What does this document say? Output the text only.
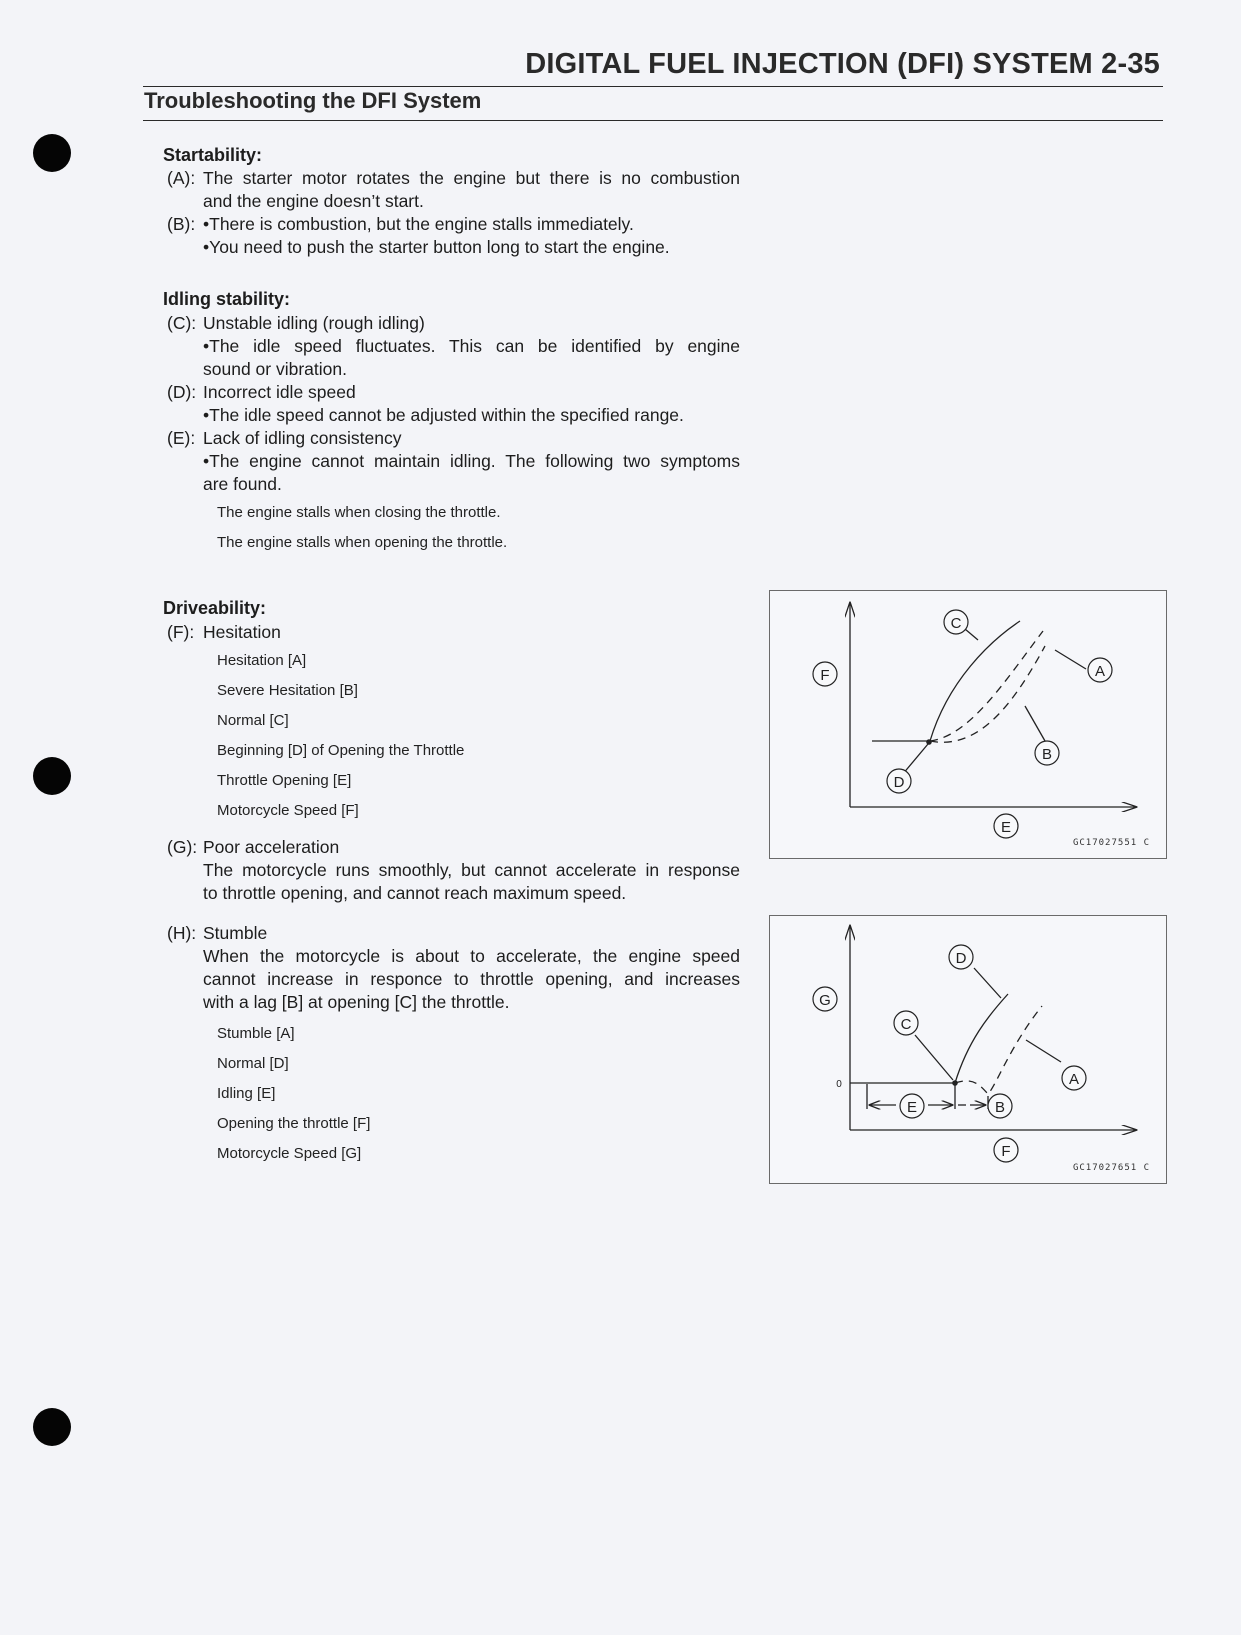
DIGITAL FUEL INJECTION (DFI) SYSTEM 2-35
Troubleshooting the DFI System
Startability:
(A): The starter motor rotates the engine but there is no combustion
and the engine doesn’t start.
(B): •There is combustion, but the engine stalls immediately.
•You need to push the starter button long to start the engine.
Idling stability:
(C): Unstable idling (rough idling)
•The idle speed fluctuates. This can be identified by engine
sound or vibration.
(D): Incorrect idle speed
•The idle speed cannot be adjusted within the specified range.
(E): Lack of idling consistency
•The engine cannot maintain idling. The following two symptoms
are found.
The engine stalls when closing the throttle.
The engine stalls when opening the throttle.
Driveability:
(F): Hesitation
Hesitation [A]
Severe Hesitation [B]
Normal [C]
Beginning [D] of Opening the Throttle
Throttle Opening [E]
Motorcycle Speed [F]
(G): Poor acceleration
The motorcycle runs smoothly, but cannot accelerate in response
to throttle opening, and cannot reach maximum speed.
(H): Stumble
When the motorcycle is about to accelerate, the engine speed
cannot increase in responce to throttle opening, and increases
with a lag [B] at opening [C] the throttle.
Stumble [A]
Normal [D]
Idling [E]
Opening the throttle [F]
Motorcycle Speed [G]
F
C
A
B
D
E
GC17027551 C
G
D
C
A
E	B
F
0
GC17027651 C
